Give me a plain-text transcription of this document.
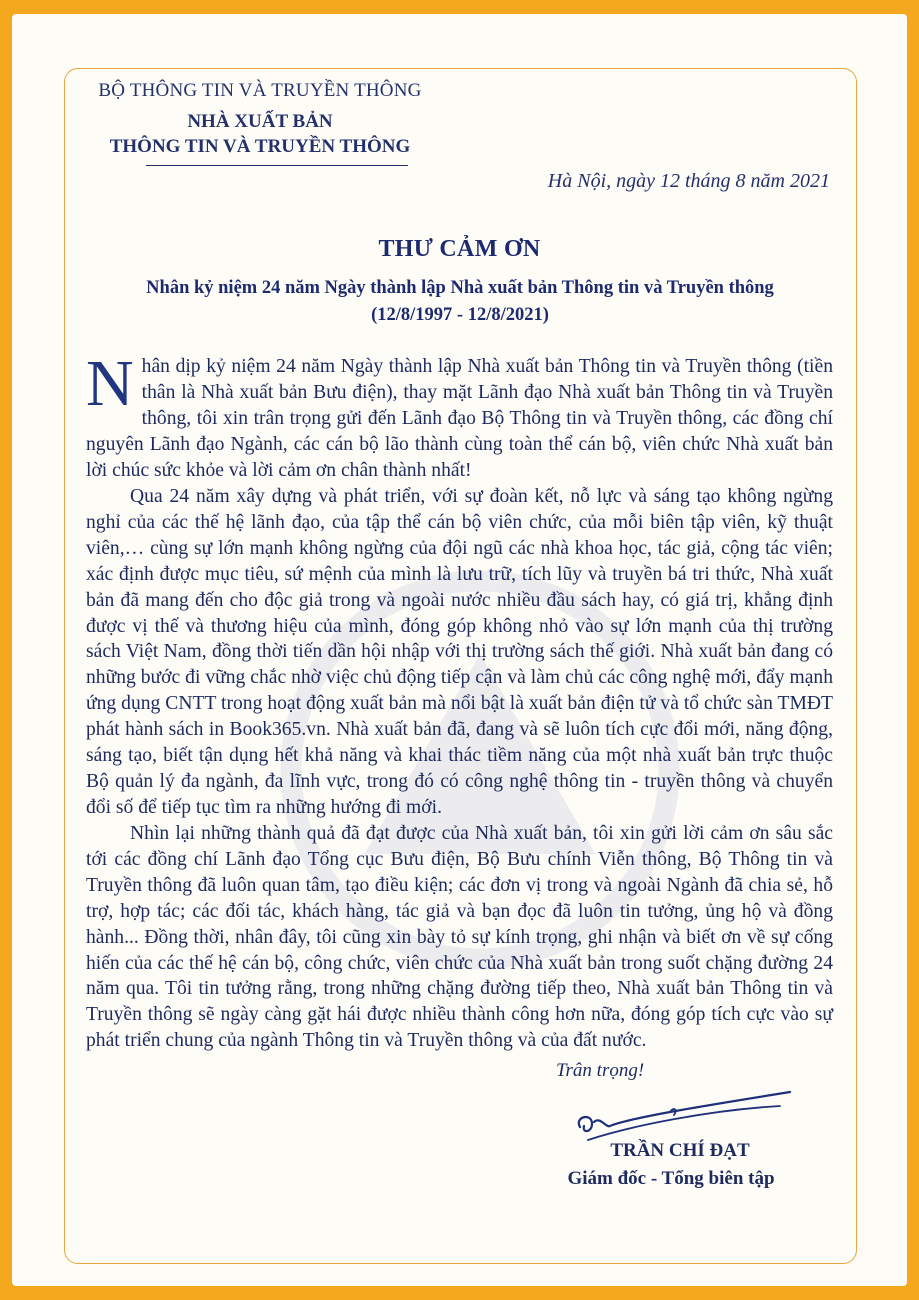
BỘ THÔNG TIN VÀ TRUYỀN THÔNG
NHÀ XUẤT BẢN
THÔNG TIN VÀ TRUYỀN THÔNG
Hà Nội, ngày 12 tháng 8 năm 2021
THƯ CẢM ƠN
Nhân kỷ niệm 24 năm Ngày thành lập Nhà xuất bản Thông tin và Truyền thông
(12/8/1997 - 12/8/2021)
Nhân dịp kỷ niệm 24 năm Ngày thành lập Nhà xuất bản Thông tin và Truyền thông (tiền thân là Nhà xuất bản Bưu điện), thay mặt Lãnh đạo Nhà xuất bản Thông tin và Truyền thông, tôi xin trân trọng gửi đến Lãnh đạo Bộ Thông tin và Truyền thông, các đồng chí nguyên Lãnh đạo Ngành, các cán bộ lão thành cùng toàn thể cán bộ, viên chức Nhà xuất bản lời chúc sức khỏe và lời cảm ơn chân thành nhất!
Qua 24 năm xây dựng và phát triển, với sự đoàn kết, nỗ lực và sáng tạo không ngừng nghỉ của các thế hệ lãnh đạo, của tập thể cán bộ viên chức, của mỗi biên tập viên, kỹ thuật viên,… cùng sự lớn mạnh không ngừng của đội ngũ các nhà khoa học, tác giả, cộng tác viên; xác định được mục tiêu, sứ mệnh của mình là lưu trữ, tích lũy và truyền bá tri thức, Nhà xuất bản đã mang đến cho độc giả trong và ngoài nước nhiều đầu sách hay, có giá trị, khẳng định được vị thế và thương hiệu của mình, đóng góp không nhỏ vào sự lớn mạnh của thị trường sách Việt Nam, đồng thời tiến dần hội nhập với thị trường sách thế giới. Nhà xuất bản đang có những bước đi vững chắc nhờ việc chủ động tiếp cận và làm chủ các công nghệ mới, đẩy mạnh ứng dụng CNTT trong hoạt động xuất bản mà nổi bật là xuất bản điện tử và tổ chức sàn TMĐT phát hành sách in Book365.vn. Nhà xuất bản đã, đang và sẽ luôn tích cực đổi mới, năng động, sáng tạo, biết tận dụng hết khả năng và khai thác tiềm năng của một nhà xuất bản trực thuộc Bộ quản lý đa ngành, đa lĩnh vực, trong đó có công nghệ thông tin - truyền thông và chuyển đổi số để tiếp tục tìm ra những hướng đi mới.
Nhìn lại những thành quả đã đạt được của Nhà xuất bản, tôi xin gửi lời cảm ơn sâu sắc tới các đồng chí Lãnh đạo Tổng cục Bưu điện, Bộ Bưu chính Viễn thông, Bộ Thông tin và Truyền thông đã luôn quan tâm, tạo điều kiện; các đơn vị trong và ngoài Ngành đã chia sẻ, hỗ trợ, hợp tác; các đối tác, khách hàng, tác giả và bạn đọc đã luôn tin tưởng, ủng hộ và đồng hành... Đồng thời, nhân đây, tôi cũng xin bày tỏ sự kính trọng, ghi nhận và biết ơn về sự cống hiến của các thế hệ cán bộ, công chức, viên chức của Nhà xuất bản trong suốt chặng đường 24 năm qua. Tôi tin tưởng rằng, trong những chặng đường tiếp theo, Nhà xuất bản Thông tin và Truyền thông sẽ ngày càng gặt hái được nhiều thành công hơn nữa, đóng góp tích cực vào sự phát triển chung của ngành Thông tin và Truyền thông và của đất nước.
Trân trọng!
TRẦN CHÍ ĐẠT
Giám đốc - Tổng biên tập
